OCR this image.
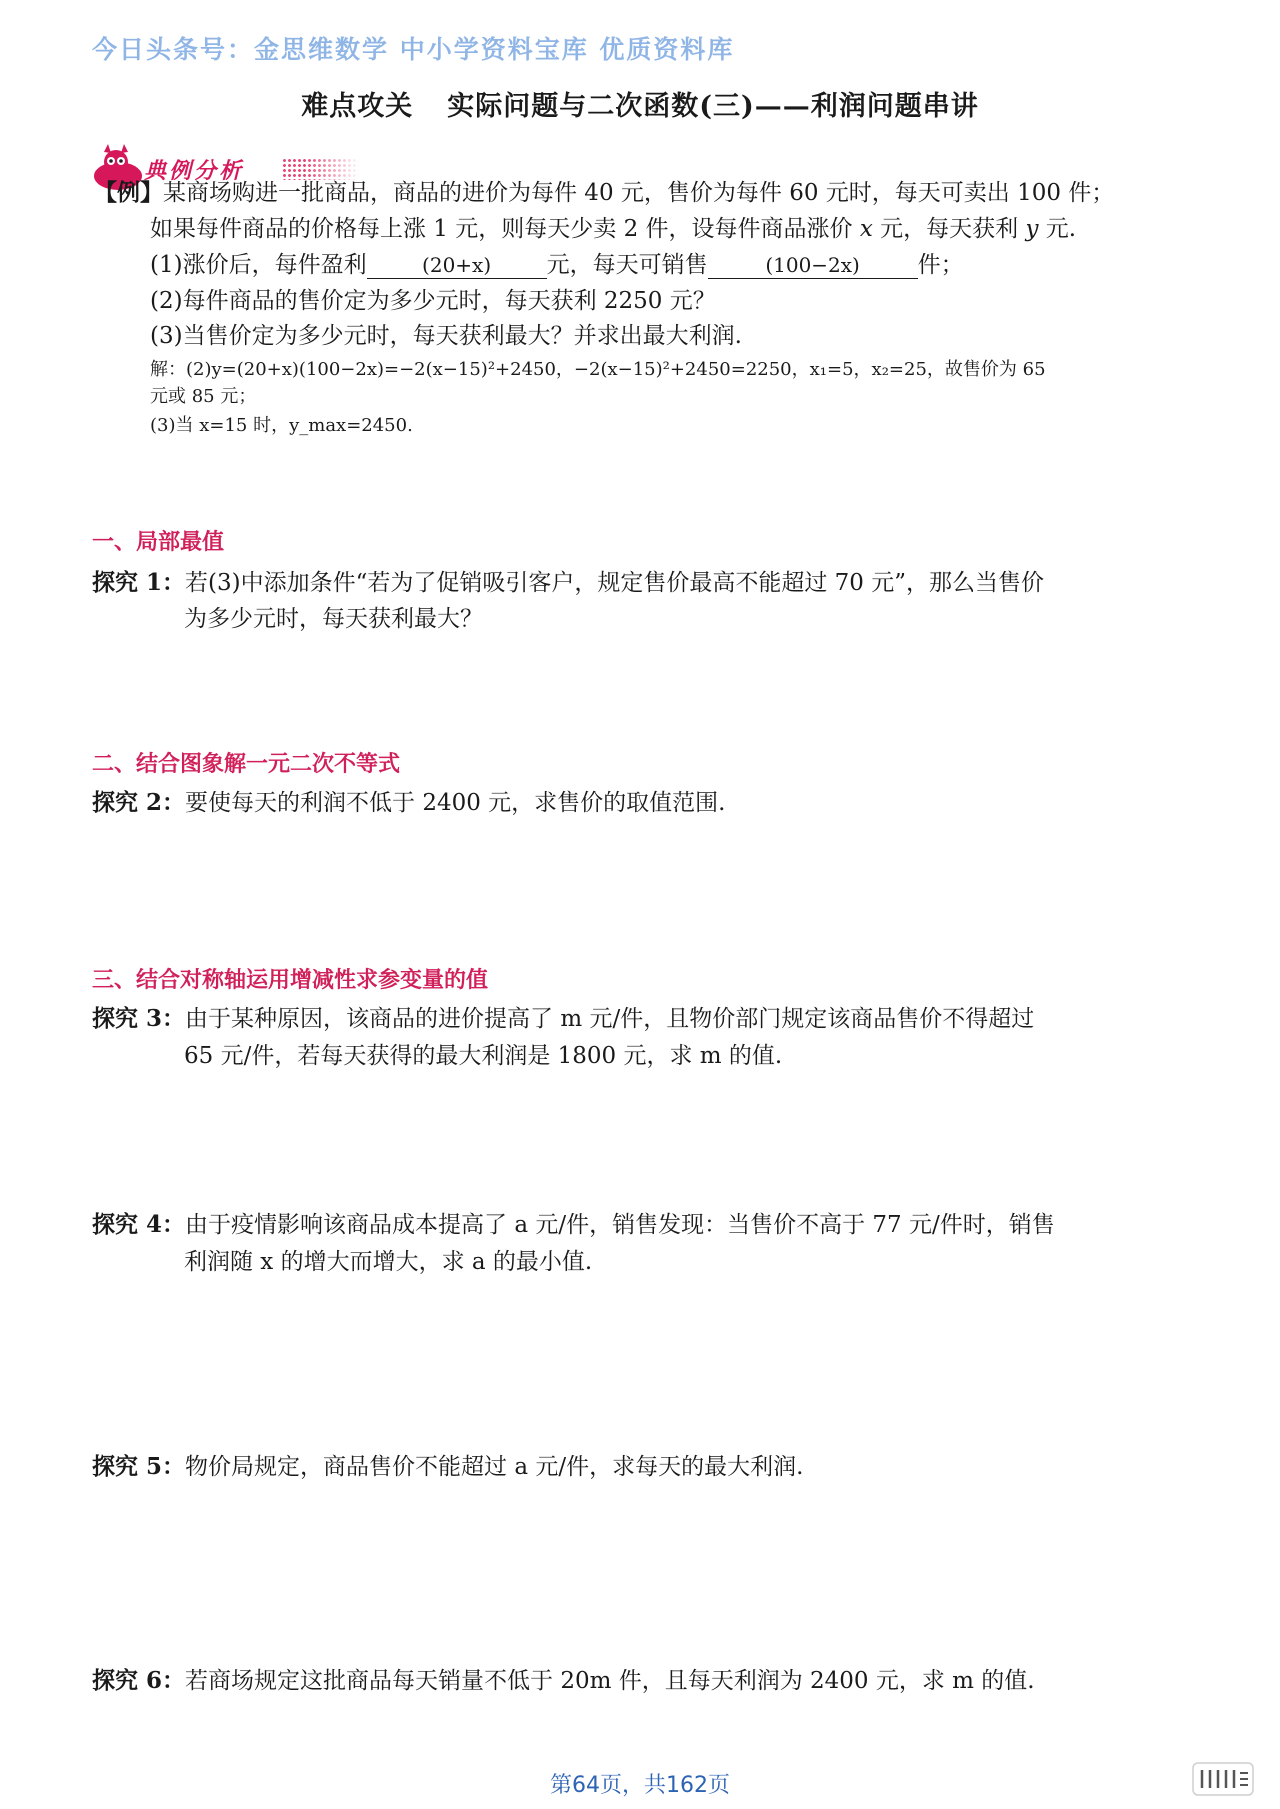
今日头条号：金思维数学 中小学资料宝库 优质资料库
难点攻关 实际问题与二次函数(三)——利润问题串讲
典例分析
【例】某商场购进一批商品，商品的进价为每件 40 元，售价为每件 60 元时，每天可卖出 100 件；
如果每件商品的价格每上涨 1 元，则每天少卖 2 件，设每件商品涨价 x 元，每天获利 y 元.
(1)涨价后，每件盈利	(20+x) 元，每天可销售	(100−2x)	件；
(2)每件商品的售价定为多少元时，每天获利 2250 元？
(3)当售价定为多少元时，每天获利最大？并求出最大利润.
解：(2)y=(20+x)(100−2x)=−2(x−15)²+2450，−2(x−15)²+2450=2250，x₁=5，x₂=25，故售价为 65
元或 85 元；
(3)当 x=15 时，y_max=2450.
一、局部最值
探究 1：若(3)中添加条件“若为了促销吸引客户，规定售价最高不能超过 70 元”，那么当售价
为多少元时，每天获利最大？
二、结合图象解一元二次不等式
探究 2：要使每天的利润不低于 2400 元，求售价的取值范围.
三、结合对称轴运用增减性求参变量的值
探究 3：由于某种原因，该商品的进价提高了 m 元/件，且物价部门规定该商品售价不得超过
65 元/件，若每天获得的最大利润是 1800 元，求 m 的值.
探究 4：由于疫情影响该商品成本提高了 a 元/件，销售发现：当售价不高于 77 元/件时，销售
利润随 x 的增大而增大，求 a 的最小值.
探究 5：物价局规定，商品售价不能超过 a 元/件，求每天的最大利润.
探究 6：若商场规定这批商品每天销量不低于 20m 件，且每天利润为 2400 元，求 m 的值.
第64页，共162页
